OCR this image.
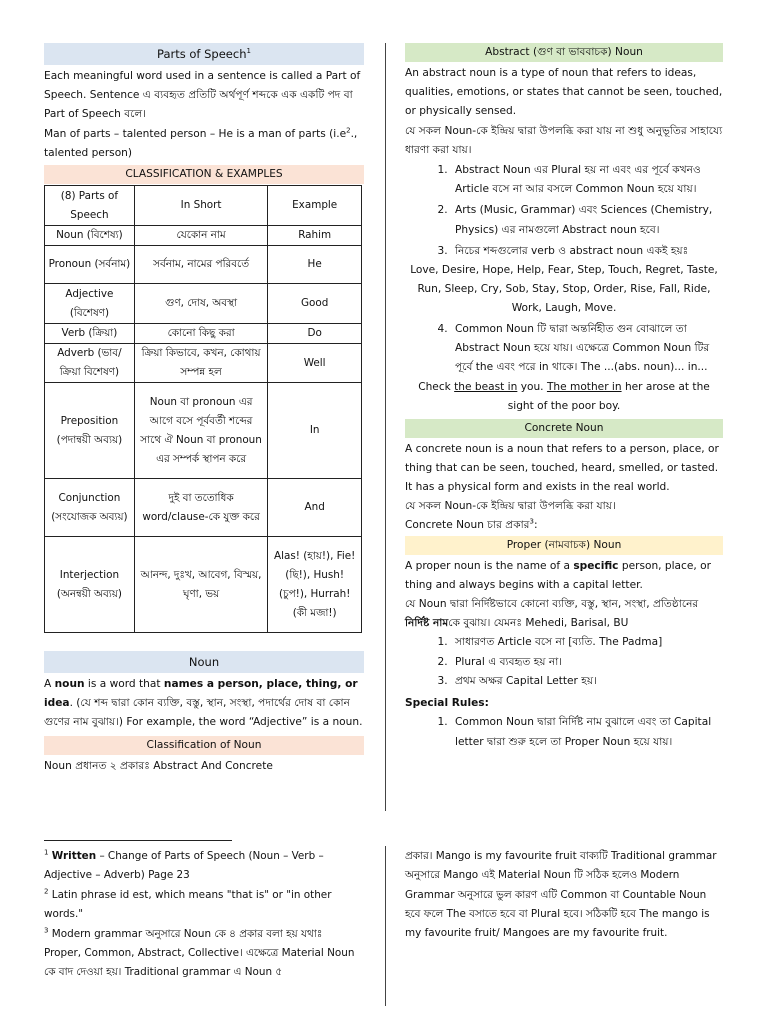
Parts of Speech$^1$

Each meaningful word used in a sentence is called a Part of Speech. Sentence এ ব্যবহৃত প্রতিটি অর্থপূর্ণ শব্দকে এক একটি পদ বা Part of Speech বলে।

Man of parts – talented person – He is a man of parts ($i.e^2$., talented person)

CLASSIFICATION & EXAMPLES
(8) Parts of Speech	In Short	Example
Noun (বিশেষ্য)	যেকোন নাম	Rahim
Pronoun (সর্বনাম)	সর্বনাম, নামের পরিবর্তে	He
Adjective (বিশেষণ)	গুণ, দোষ, অবস্থা	Good
Verb (ক্রিয়া)	কোনো কিছু করা	Do
Adverb (ভাব/ ক্রিয়া বিশেষণ)	ক্রিয়া কিভাবে, কখন, কোথায় সম্পন্ন হল	Well
Preposition (পদান্বয়ী অব্যয়)	Noun বা pronoun এর আগে বসে পূর্ববর্তী শব্দের সাথে ঐ Noun বা pronoun এর সম্পর্ক স্থাপন করে	In
Conjunction (সংযোজক অব্যয়)	দুই বা ততোধিক word/clause-কে যুক্ত করে	And
Interjection (অনন্বয়ী অব্যয়)	আনন্দ, দুঃখ, আবেগ, বিস্ময়, ঘৃণা, ভয়	Alas! (হায়!), Fie! (ছি!), Hush! (চুপ!), Hurrah! (কী মজা!)
Noun

A noun is a word that names a person, place, thing, or idea. (যে শব্দ দ্বারা কোন ব্যক্তি, বস্তু, স্থান, সংস্থা, পদার্থের দোষ বা কোন গুণের নাম বুঝায়।) For example, the word “Adjective” is a noun.

Classification of Noun

Noun প্রধানত ২ প্রকারঃ Abstract And Concrete

Abstract (গুণ বা ভাববাচক) Noun

An abstract noun is a type of noun that refers to ideas, qualities, emotions, or states that cannot be seen, touched, or physically sensed.

যে সকল Noun-কে ইন্দ্রিয় দ্বারা উপলব্ধি করা যায় না শুধু অনুভূতির সাহায্যে ধারণা করা যায়।

1. Abstract Noun এর Plural হয় না এবং এর পূর্বে কখনও Article বসে না আর বসলে Common Noun হয়ে যায়।
2. Arts (Music, Grammar) এবং Sciences (Chemistry, Physics) এর নামগুলো Abstract noun হবে।
3. নিচের শব্দগুলোর verb ও abstract noun একই হয়ঃ

Love, Desire, Hope, Help, Fear, Step, Touch, Regret, Taste, Run, Sleep, Cry, Sob, Stay, Stop, Order, Rise, Fall, Ride, Work, Laugh, Move.

4. Common Noun টি দ্বারা অন্তর্নিহীত গুন বোঝালে তা Abstract Noun হয়ে যায়। এক্ষেত্রে Common Noun টির পূর্বে the এবং পরে in থাকে। The ...(abs. noun)... in...

Check the beast in you. The mother in her arose at the sight of the poor boy.

Concrete Noun

A concrete noun is a noun that refers to a person, place, or thing that can be seen, touched, heard, smelled, or tasted. It has a physical form and exists in the real world.

যে সকল Noun-কে ইন্দ্রিয় দ্বারা উপলব্ধি করা যায়।

Concrete Noun চার প্রকার$^3$:

Proper (নামবাচক) Noun

A proper noun is the name of a specific person, place, or thing and always begins with a capital letter.

যে Noun দ্বারা নির্দিষ্টভাবে কোনো ব্যক্তি, বস্তু, স্থান, সংস্থা, প্রতিষ্ঠানের নির্দিষ্ট নামকে বুঝায়। যেমনঃ Mehedi, Barisal, BU

1. সাধারণত Article বসে না [ব্যতি. The Padma]
2. Plural এ ব্যবহৃত হয় না।
3. প্রথম অক্ষর Capital Letter হয়।

Special Rules:

1. Common Noun দ্বারা নির্দিষ্ট নাম বুঝালে এবং তা Capital letter দ্বারা শুরু হলে তা Proper Noun হয়ে যায়।

$^1$ Written – Change of Parts of Speech (Noun – Verb – Adjective – Adverb) Page 23

$^2$ Latin phrase id est, which means "that is" or "in other words."

$^3$ Modern grammar অনুসারে Noun কে ৪ প্রকার বলা হয় যথাঃ Proper, Common, Abstract, Collective। এক্ষেত্রে Material Noun কে বাদ দেওয়া হয়। Traditional grammar এ Noun ৫

প্রকার। Mango is my favourite fruit বাক্যটি Traditional grammar অনুসারে Mango এই Material Noun টি সঠিক হলেও Modern Grammar অনুসারে ভুল কারণ এটি Common বা Countable Noun হবে ফলে The বসাতে হবে বা Plural হবে। সঠিকটি হবে The mango is my favourite fruit/ Mangoes are my favourite fruit.
